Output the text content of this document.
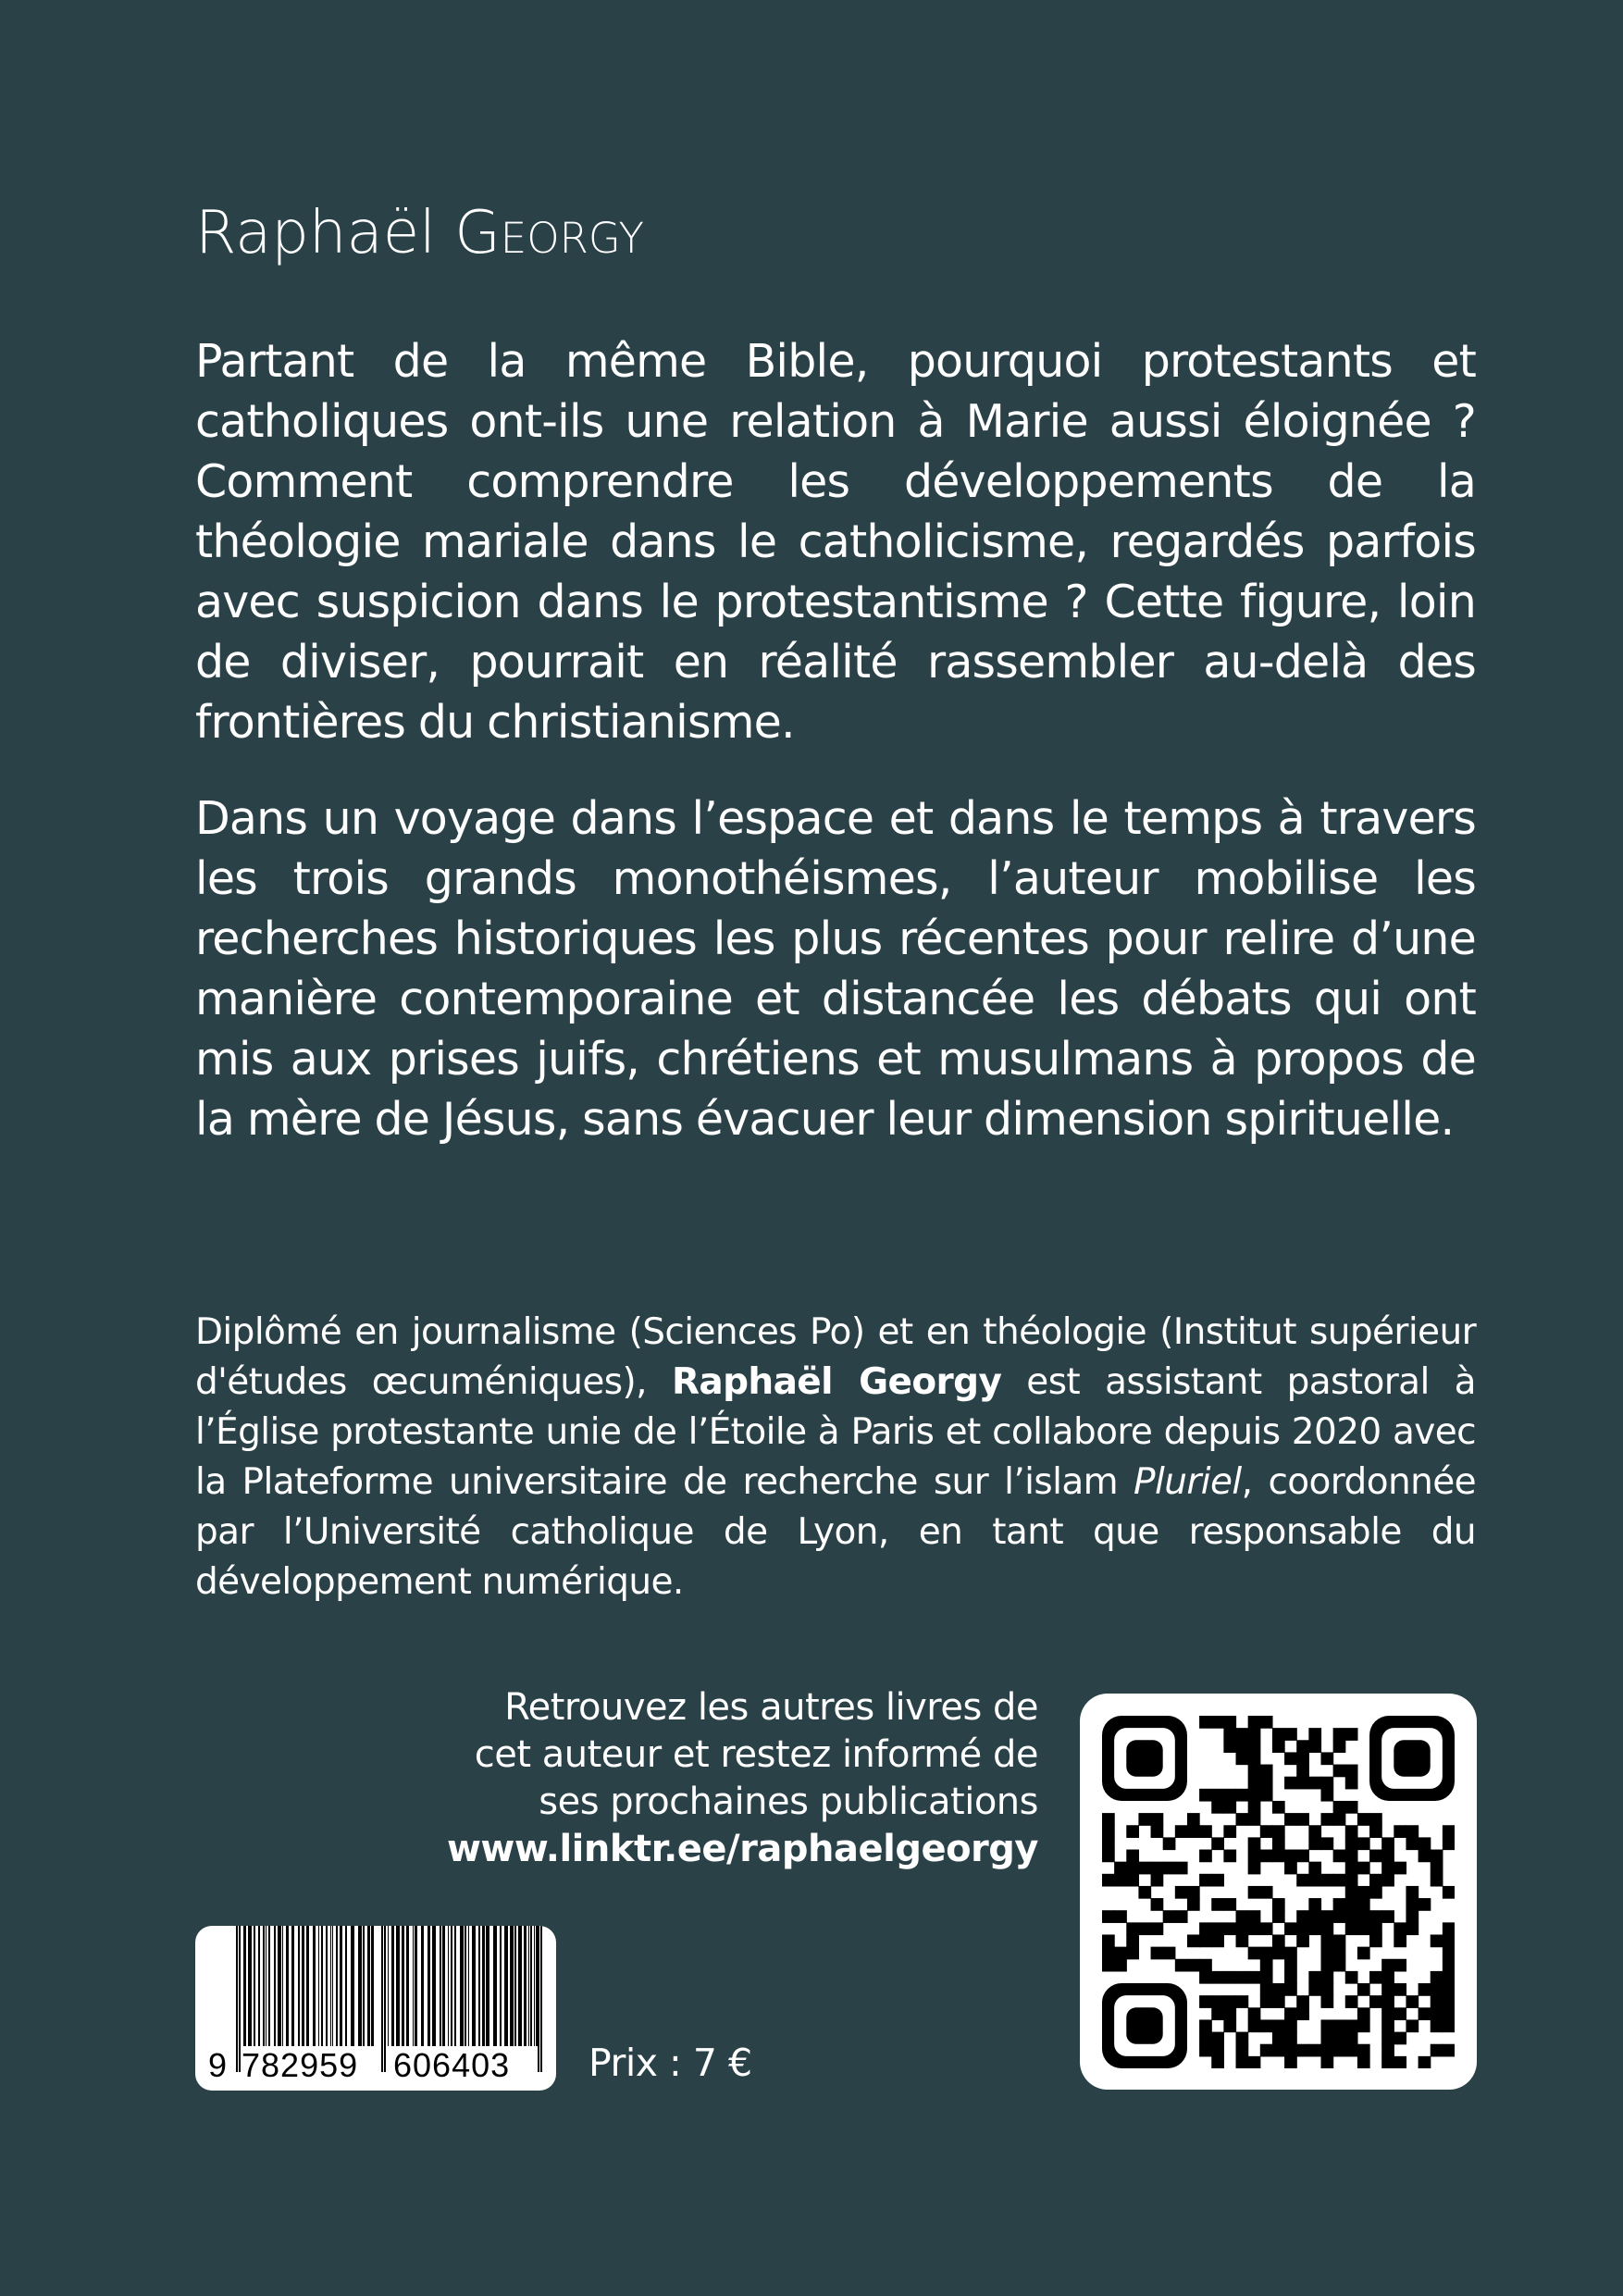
Raphaël Georgy

Partant de la même Bible, pourquoi protestants et catholiques ont-ils une relation à Marie aussi éloignée ? Comment comprendre les développements de la théologie mariale dans le catholicisme, regardés parfois avec suspicion dans le protestantisme ? Cette figure, loin de diviser, pourrait en réalité rassembler au-delà des frontières du christianisme.

Dans un voyage dans l’espace et dans le temps à travers les trois grands monothéismes, l’auteur mobilise les recherches historiques les plus récentes pour relire d’une manière contemporaine et distancée les débats qui ont mis aux prises juifs, chrétiens et musulmans à propos de la mère de Jésus, sans évacuer leur dimension spirituelle.

Diplômé en journalisme (Sciences Po) et en théologie (Institut supérieur d'études œcuméniques), Raphaël Georgy est assistant pastoral à l’Église protestante unie de l’Étoile à Paris et collabore depuis 2020 avec la Plateforme universitaire de recherche sur l’islam Pluriel, coordonnée par l’Université catholique de Lyon, en tant que responsable du développement numérique.

Retrouvez les autres livres de
cet auteur et restez informé de
ses prochaines publications
www.linktr.ee/raphaelgeorgy
9 782959 606403 Prix : 7 €
